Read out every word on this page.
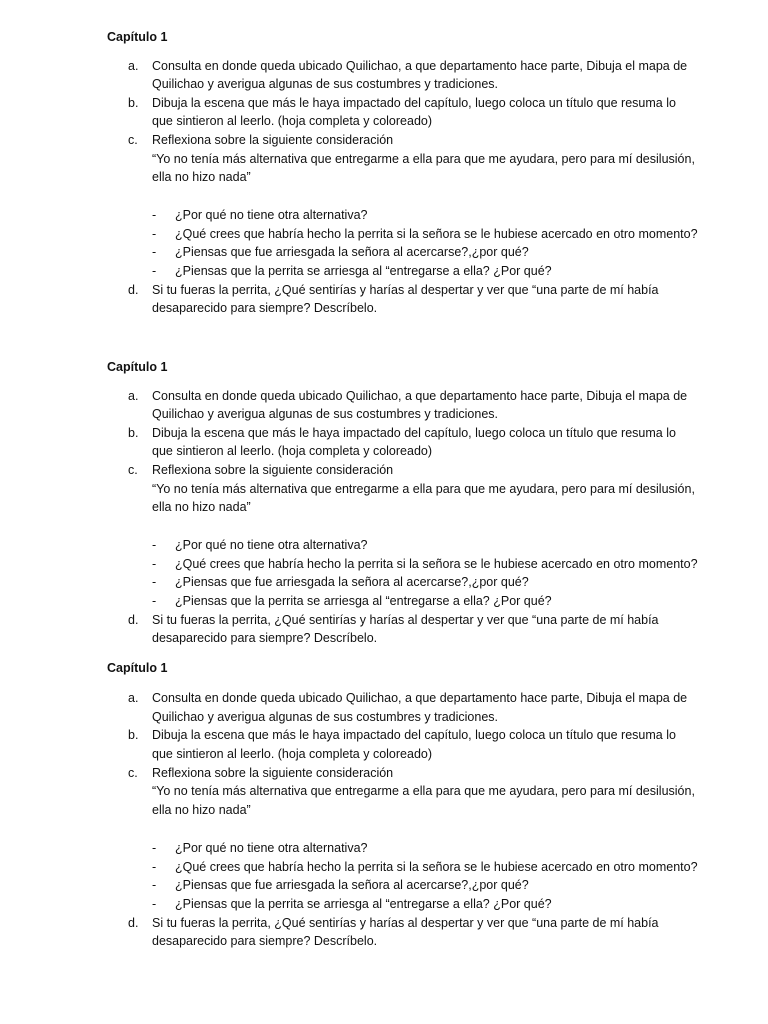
Capítulo 1
a. Consulta en donde queda ubicado Quilichao, a que departamento hace parte, Dibuja el mapa de
Quilichao y averigua algunas de sus costumbres y tradiciones.
b. Dibuja la escena que más le haya impactado del capítulo, luego coloca un título que resuma lo
que sintieron al leerlo. (hoja completa y coloreado)
c. Reflexiona sobre la siguiente consideración
“Yo no tenía más alternativa que entregarme a ella para que me ayudara, pero para mí desilusión,
ella no hizo nada”
- ¿Por qué no tiene otra alternativa?
- ¿Qué crees que habría hecho la perrita si la señora se le hubiese acercado en otro momento?
- ¿Piensas que fue arriesgada la señora al acercarse?,¿por qué?
- ¿Piensas que la perrita se arriesga al “entregarse a ella? ¿Por qué?
d. Si tu fueras la perrita, ¿Qué sentirías y harías al despertar y ver que “una parte de mí había
desaparecido para siempre? Descríbelo.
Capítulo 1
a. Consulta en donde queda ubicado Quilichao, a que departamento hace parte, Dibuja el mapa de
Quilichao y averigua algunas de sus costumbres y tradiciones.
b. Dibuja la escena que más le haya impactado del capítulo, luego coloca un título que resuma lo
que sintieron al leerlo. (hoja completa y coloreado)
c. Reflexiona sobre la siguiente consideración
“Yo no tenía más alternativa que entregarme a ella para que me ayudara, pero para mí desilusión,
ella no hizo nada”
- ¿Por qué no tiene otra alternativa?
- ¿Qué crees que habría hecho la perrita si la señora se le hubiese acercado en otro momento?
- ¿Piensas que fue arriesgada la señora al acercarse?,¿por qué?
- ¿Piensas que la perrita se arriesga al “entregarse a ella? ¿Por qué?
d. Si tu fueras la perrita, ¿Qué sentirías y harías al despertar y ver que “una parte de mí había
desaparecido para siempre? Descríbelo.
Capítulo 1
a. Consulta en donde queda ubicado Quilichao, a que departamento hace parte, Dibuja el mapa de
Quilichao y averigua algunas de sus costumbres y tradiciones.
b. Dibuja la escena que más le haya impactado del capítulo, luego coloca un título que resuma lo
que sintieron al leerlo. (hoja completa y coloreado)
c. Reflexiona sobre la siguiente consideración
“Yo no tenía más alternativa que entregarme a ella para que me ayudara, pero para mí desilusión,
ella no hizo nada”
- ¿Por qué no tiene otra alternativa?
- ¿Qué crees que habría hecho la perrita si la señora se le hubiese acercado en otro momento?
- ¿Piensas que fue arriesgada la señora al acercarse?,¿por qué?
- ¿Piensas que la perrita se arriesga al “entregarse a ella? ¿Por qué?
d. Si tu fueras la perrita, ¿Qué sentirías y harías al despertar y ver que “una parte de mí había
desaparecido para siempre? Descríbelo.
